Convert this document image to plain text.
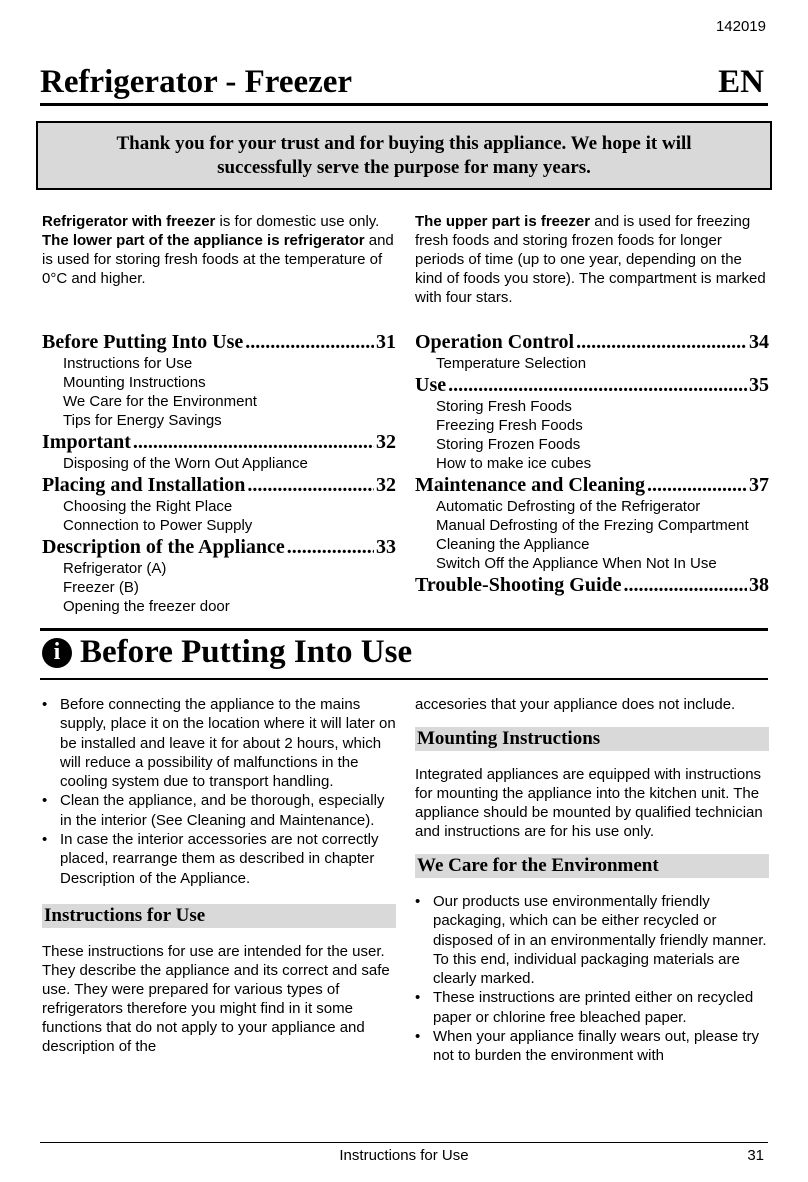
142019
Refrigerator - Freezer	EN
Thank you for your trust and for buying this appliance. We hope it will successfully serve the purpose for many years.

Refrigerator with freezer is for domestic use only.

The lower part of the appliance is refrigerator and is used for storing fresh foods at the temperature of 0°C and higher.

The upper part is freezer and is used for freezing fresh foods and storing frozen foods for longer periods of time (up to one year, depending on the kind of foods you store). The compartment is marked with four stars.

Before Putting Into Use .....	31
Instructions for Use
Mounting Instructions
We Care for the Environment
Tips for Energy Savings
Important .....	32
Disposing of the Worn Out Appliance
Placing and Installation .....	32
Choosing the Right Place
Connection to Power Supply
Description of the Appliance .....	33
Refrigerator (A)
Freezer (B)
Opening the freezer door
Operation Control .....	34
Temperature Selection
Use .....	35
Storing Fresh Foods
Freezing Fresh Foods
Storing Frozen Foods
How to make ice cubes
Maintenance and Cleaning .....	37
Automatic Defrosting of the Refrigerator
Manual Defrosting of the Frezing Compartment
Cleaning the Appliance
Switch Off the Appliance When Not In Use
Trouble-Shooting Guide .....	38
i Before Putting Into Use
• Before connecting the appliance to the mains supply, place it on the location where it will later on be installed and leave it for about 2 hours, which will reduce a possibility of malfunctions in the cooling system due to transport handling.
• Clean the appliance, and be thorough, especially in the interior (See Cleaning and Maintenance).
• In case the interior accessories are not correctly placed, rearrange them as described in chapter Description of the Appliance.
Instructions for Use

These instructions for use are intended for the user. They describe the appliance and its correct and safe use. They were prepared for various types of refrigerators therefore you might find in it some functions that do not apply to your appliance and description of the

accesories that your appliance does not include.

Mounting Instructions

Integrated appliances are equipped with instructions for mounting the appliance into the kitchen unit. The appliance should be mounted by qualified technician and instructions are for his use only.

We Care for the Environment
• Our products use environmentally friendly packaging, which can be either recycled or disposed of in an environmentally friendly manner. To this end, individual packaging materials are clearly marked.
• These instructions are printed either on recycled paper or chlorine free bleached paper.
• When your appliance finally wears out, please try not to burden the environment with
Instructions for Use	31
